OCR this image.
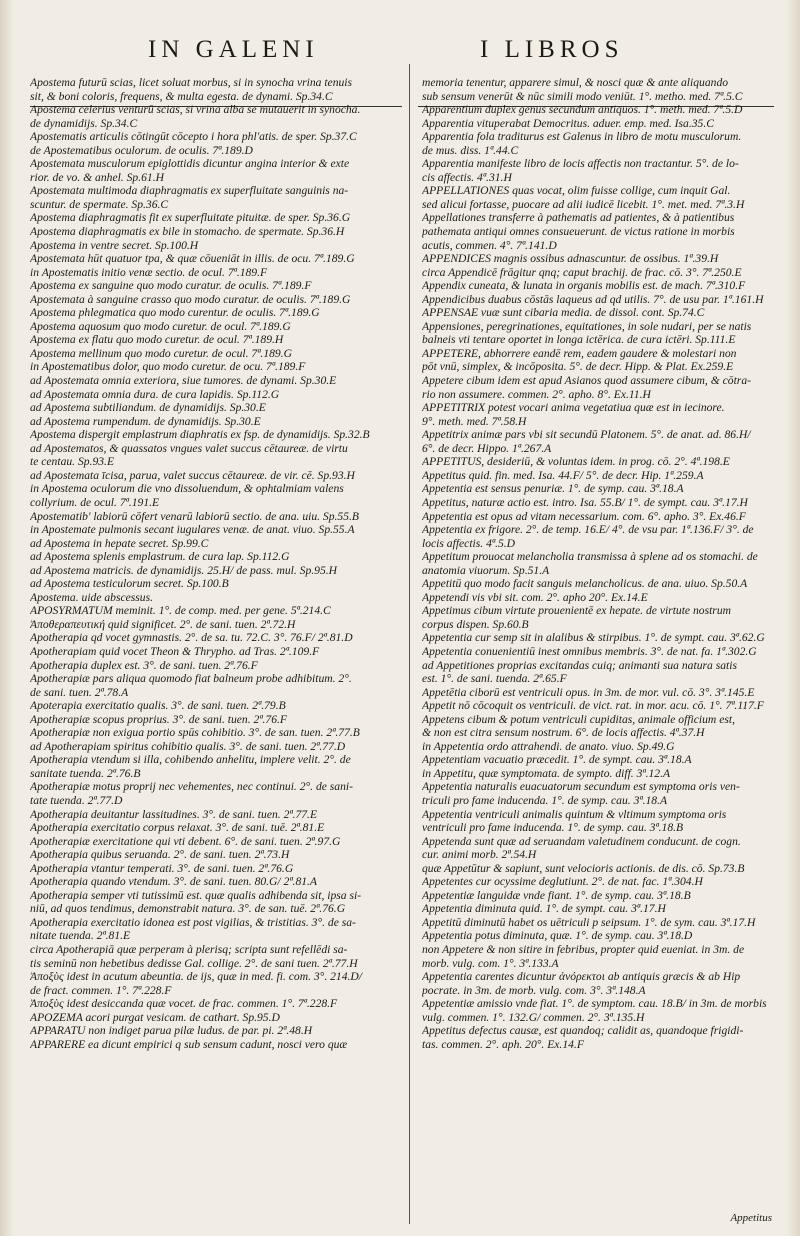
IN GALENI	I LIBROS
Apostema futurū scias, licet soluat morbus, si in synocha vrina tenuis
sit, & boni coloris, frequens, & multa egesta. de dynami. Sp.34.C
Apostema celerius venturū scias, si vrina alba se mutauerit in synocha.
de dynamidijs. Sp.34.C
Apostematis articulis cōtingūt cōcepto i hora phl'atis. de sper. Sp.37.C
de Apostematibus oculorum. de oculis. 7ª.189.D
Apostemata musculorum epiglottidis dicuntur angina interior & exte
rior. de vo. & anhel. Sp.61.H
Apostemata multimoda diaphragmatis ex superfluitate sanguinis na-
scuntur. de spermate. Sp.36.C
Apostema diaphragmatis fit ex superfluitate pituitæ. de sper. Sp.36.G
Apostema diaphragmatis ex bile in stomacho. de spermate. Sp.36.H
Apostema in ventre secret. Sp.100.H
Apostemata hūt quatuor tpa, & quæ cōueniāt in illis. de ocu. 7ª.189.G
in Apostematis initio venæ sectio. de ocul. 7ª.189.F
Apostema ex sanguine quo modo curatur. de oculis. 7ª.189.F
Apostemata à sanguine crasso quo modo curatur. de oculis. 7ª.189.G
Apostema phlegmatica quo modo curentur. de oculis. 7ª.189.G
Apostema aquosum quo modo curetur. de ocul. 7ª.189.G
Apostema ex flatu quo modo curetur. de ocul. 7ª.189.H
Apostema mellinum quo modo curetur. de ocul. 7ª.189.G
in Apostematibus dolor, quo modo curetur. de ocu. 7ª.189.F
ad Apostemata omnia exteriora, siue tumores. de dynami. Sp.30.E
ad Apostemata omnia dura. de cura lapidis. Sp.112.G
ad Apostema subtiliandum. de dynamidijs. Sp.30.E
ad Apostema rumpendum. de dynamidijs. Sp.30.E
Apostema dispergit emplastrum diaphratis ex fsp. de dynamidijs. Sp.32.B
ad Apostematos, & quassatos vngues valet succus cētaureæ. de virtu
te centau. Sp.93.E
ad Apostemata īcisa, parua, valet succus cētaureæ. de vir. cē. Sp.93.H
in Apostema oculorum die vno dissoluendum, & ophtalmiam valens
collyrium. de ocul. 7ª.191.E
Apostematib' labiorū cōfert venarū labiorū sectio. de ana. uiu. Sp.55.B
in Apostemate pulmonis secant iugulares venæ. de anat. viuo. Sp.55.A
ad Apostema in hepate secret. Sp.99.C
ad Apostema splenis emplastrum. de cura lap. Sp.112.G
ad Apostema matricis. de dynamidijs. 25.H/ de pass. mul. Sp.95.H
ad Apostema testiculorum secret. Sp.100.B
Apostema. uide abscessus.
APOSYRMATUM meminit. 1°. de comp. med. per gene. 5ª.214.C
Ἀποθεραπευτική quid significet. 2°. de sani. tuen. 2ª.72.H
Apotherapia qd vocet gymnastis. 2°. de sa. tu. 72.C. 3°. 76.F/ 2ª.81.D
Apotherapiam quid vocet Theon & Thrypho. ad Tras. 2ª.109.F
Apotherapia duplex est. 3°. de sani. tuen. 2ª.76.F
Apotherapiæ pars aliqua quomodo fiat balneum probe adhibitum. 2°.
de sani. tuen. 2ª.78.A
Apoterapia exercitatio qualis. 3°. de sani. tuen. 2ª.79.B
Apotherapiæ scopus proprius. 3°. de sani. tuen. 2ª.76.F
Apotherapiæ non exigua portio spūs cohibitio. 3°. de san. tuen. 2ª.77.B
ad Apotherapiam spiritus cohibitio qualis. 3°. de sani. tuen. 2ª.77.D
Apotherapia vtendum si illa, cohibendo anhelitu, implere velit. 2°. de
sanitate tuenda. 2ª.76.B
Apotherapiæ motus proprij nec vehementes, nec continui. 2°. de sani-
tate tuenda. 2ª.77.D
Apotherapia deuitantur lassitudines. 3°. de sani. tuen. 2ª.77.E
Apotherapia exercitatio corpus relaxat. 3°. de sani. tuē. 2ª.81.E
Apotherapiæ exercitatione qui vti debent. 6°. de sani. tuen. 2ª.97.G
Apotherapia quibus seruanda. 2°. de sani. tuen. 2ª.73.H
Apotherapia vtantur temperati. 3°. de sani. tuen. 2ª.76.G
Apotherapia quando vtendum. 3°. de sani. tuen. 80.G/ 2ª.81.A
Apotherapia semper vti tutissimū est. quæ qualis adhibenda sit, ipsa si-
niū, ad quos tendimus, demonstrabit natura. 3°. de san. tuē. 2ª.76.G
Apotherapia exercitatio idonea est post vigilias, & tristitias. 3°. de sa-
nitate tuenda. 2ª.81.E
circa Apotherapiā quæ perperam à plerisq; scripta sunt refellēdi sa-
tis seminū non hebetibus dedisse Gal. collige. 2°. de sani tuen. 2ª.77.H
Ἀποξὺς idest in acutum abeuntia. de ijs, quæ in med. fi. com. 3°. 214.D/
de fract. commen. 1°. 7ª.228.F
Ἀποξὺς idest desiccanda quæ vocet. de frac. commen. 1°. 7ª.228.F
APOZEMA acori purgat vesicam. de cathart. Sp.95.D
APPARATU non indiget parua pilæ ludus. de par. pi. 2ª.48.H
APPARERE ea dicunt empirici q sub sensum cadunt, nosci vero quæ
memoria tenentur, apparere simul, & nosci quæ & ante aliquando
sub sensum venerūt & nūc simili modo veniūt. 1°. metho. med. 7ª.5.C
Apparentium duplex genus secundum antiquos. 1°. meth. med. 7ª.5.D
Apparentia vituperabat Democritus. aduer. emp. med. Isa.35.C
Apparentia fola traditurus est Galenus in libro de motu musculorum.
de mus. diss. 1ª.44.C
Apparentia manifeste libro de locis affectis non tractantur. 5°. de lo-
cis affectis. 4ª.31.H
APPELLATIONES quas vocat, olim fuisse collige, cum inquit Gal.
sed alicui fortasse, puocare ad alii iudicē licebit. 1°. met. med. 7ª.3.H
Appellationes transferre à pathematis ad patientes, & à patientibus
pathemata antiqui omnes consueuerunt. de victus ratione in morbis
acutis, commen. 4°. 7ª.141.D
APPENDICES magnis ossibus adnascuntur. de ossibus. 1ª.39.H
circa Appendicē frāgitur qnq; caput brachij. de frac. cō. 3°. 7ª.250.E
Appendix cuneata, & lunata in organis mobilis est. de mach. 7ª.310.F
Appendicibus duabus cōstās laqueus ad qd utilis. 7°. de usu par. 1ª.161.H
APPENSAE vuæ sunt cibaria media. de dissol. cont. Sp.74.C
Appensiones, peregrinationes, equitationes, in sole nudari, per se natis
balneis vti tentare oportet in longa ictērica. de cura ictēri. Sp.111.E
APPETERE, abhorrere eandē rem, eadem gaudere & molestari non
pōt vnū, simplex, & incōposita. 5°. de decr. Hipp. & Plat. Ex.259.E
Appetere cibum idem est apud Asianos quod assumere cibum, & cōtra-
rio non assumere. commen. 2°. apho. 8°. Ex.11.H
APPETITRIX potest vocari anima vegetatiua quæ est in iecinore.
9°. meth. med. 7ª.58.H
Appetitrix animæ pars vbi sit secundū Platonem. 5°. de anat. ad. 86.H/
6°. de decr. Hippo. 1ª.267.A
APPETITUS, desideriū, & voluntas idem. in prog. cō. 2°. 4ª.198.E
Appetitus quid. fin. med. Isa. 44.F/ 5°. de decr. Hip. 1ª.259.A
Appetentia est sensus penuriæ. 1°. de symp. cau. 3ª.18.A
Appetitus, naturæ actio est. intro. Isa. 55.B/ 1°. de sympt. cau. 3ª.17.H
Appetentia est opus ad vitam necessarium. com. 6°. apho. 3°. Ex.46.F
Appetentia ex frigore. 2°. de temp. 16.E/ 4°. de vsu par. 1ª.136.F/ 3°. de
locis affectis. 4ª.5.D
Appetitum prouocat melancholia transmissa à splene ad os stomachi. de
anatomia viuorum. Sp.51.A
Appetitū quo modo facit sanguis melancholicus. de ana. uiuo. Sp.50.A
Appetendi vis vbi sit. com. 2°. apho 20°. Ex.14.E
Appetimus cibum virtute prouenientē ex hepate. de virtute nostrum
corpus dispen. Sp.60.B
Appetentia cur semp sit in alalibus & stirpibus. 1°. de sympt. cau. 3ª.62.G
Appetentia conuenientiū inest omnibus membris. 3°. de nat. fa. 1ª.302.G
ad Appetitiones proprias excitandas cuiq; animanti sua natura satis
est. 1°. de sani. tuenda. 2ª.65.F
Appetētia ciborū est ventriculi opus. in 3m. de mor. vul. cō. 3°. 3ª.145.E
Appetit nō cōcoquit os ventriculi. de vict. rat. in mor. acu. cō. 1°. 7ª.117.F
Appetens cibum & potum ventriculi cupiditas, animale officium est,
& non est citra sensum nostrum. 6°. de locis affectis. 4ª.37.H
in Appetentia ordo attrahendi. de anato. viuo. Sp.49.G
Appetentiam vacuatio præcedit. 1°. de sympt. cau. 3ª.18.A
in Appetitu, quæ symptomata. de sympto. diff. 3ª.12.A
Appetentia naturalis euacuatorum secundum est symptoma oris ven-
triculi pro fame inducenda. 1°. de symp. cau. 3ª.18.A
Appetentia ventriculi animalis quintum & vltimum symptoma oris
ventriculi pro fame inducenda. 1°. de symp. cau. 3ª.18.B
Appetenda sunt quæ ad seruandam valetudinem conducunt. de cogn.
cur. animi morb. 2ª.54.H
quæ Appetūtur & sapiunt, sunt velocioris actionis. de dis. cō. Sp.73.B
Appetentes cur ocyssime deglutiunt. 2°. de nat. fac. 1ª.304.H
Appetentiæ languidæ vnde fiant. 1°. de symp. cau. 3ª.18.B
Appetentia diminuta quid. 1°. de sympt. cau. 3ª.17.H
Appetitū diminutū habet os uētriculi p seipsum. 1°. de sym. cau. 3ª.17.H
Appetentia potus diminuta, quæ. 1°. de symp. cau. 3ª.18.D
non Appetere & non sitire in febribus, propter quid eueniat. in 3m. de
morb. vulg. com. 1°. 3ª.133.A
Appetentia carentes dicuntur ἀνόρεκτοι ab antiquis græcis & ab Hip
pocrate. in 3m. de morb. vulg. com. 3°. 3ª.148.A
Appetentiæ amissio vnde fiat. 1°. de symptom. cau. 18.B/ in 3m. de morbis
vulg. commen. 1°. 132.G/ commen. 2°. 3ª.135.H
Appetitus defectus causæ, est quandoq; calidit as, quandoque frigidi-
tas. commen. 2°. aph. 20°. Ex.14.F
Appetitus
